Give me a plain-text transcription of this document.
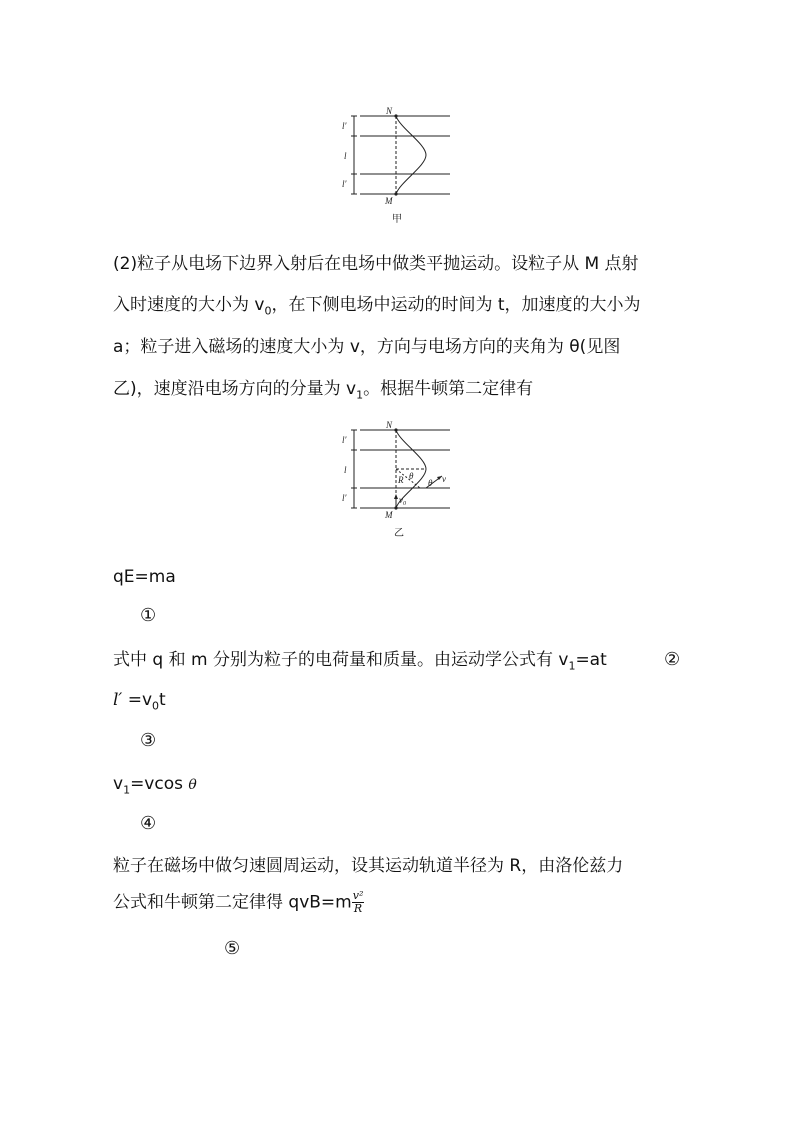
N
M
l′
l
l′
甲
(2)粒子从电场下边界入射后在电场中做类平抛运动。设粒子从 M 点射
入时速度的大小为 $v_0$，在下侧电场中运动的时间为 t，加速度的大小为
a；粒子进入磁场的速度大小为 v，方向与电场方向的夹角为 θ(见图
乙)，速度沿电场方向的分量为 $v_1$。根据牛顿第二定律有
N
M
l′
l
l′
R θ
θ v
$v_0$
乙
qE=ma
①
式中 q 和 m 分别为粒子的电荷量和质量。由运动学公式有 $v_1=at$	②
$l' =v_0t$
③
$v_1=vcos$ θ
④
粒子在磁场中做匀速圆周运动，设其运动轨道半径为 R，由洛伦兹力
公式和牛顿第二定律得 $qvB=m \frac{\text{v²}}{R}$
⑤
